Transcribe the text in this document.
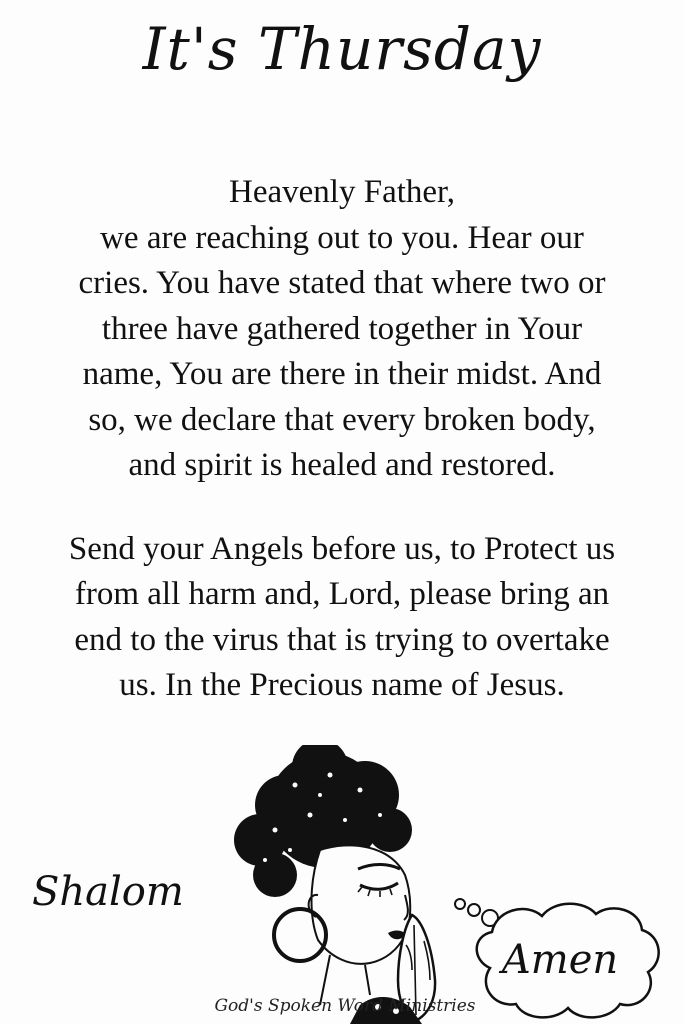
It's Thursday

Heavenly Father,

we are reaching out to you. Hear our

cries. You have stated that where two or

three have gathered together in Your

name, You are there in their midst. And

so, we declare that every broken body,

and spirit is healed and restored.

Send your Angels before us, to Protect us

from all harm and, Lord, please bring an

end to the virus that is trying to overtake

us. In the Precious name of Jesus.

Shalom
Amen
God's Spoken Word Ministries
